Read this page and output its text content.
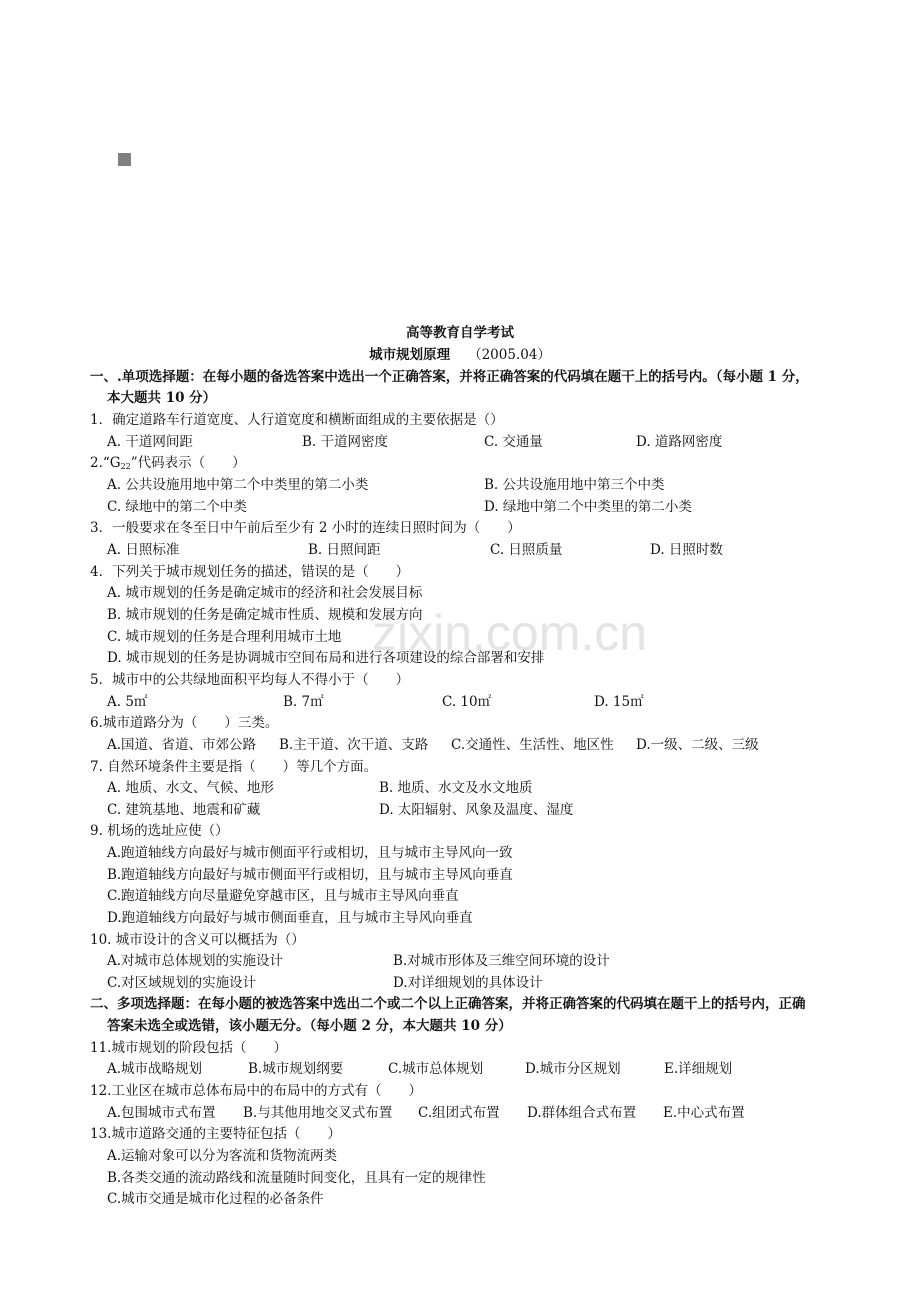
zixin.com.cn
高等教育自学考试
城市规划原理 （2005.04）
一、.单项选择题：在每小题的备选答案中选出一个正确答案，并将正确答案的代码填在题干上的括号内。（每小题 1 分，
本大题共 10 分）
1．确定道路车行道宽度、人行道宽度和横断面组成的主要依据是（）
A. 干道网间距	B. 干道网密度	C. 交通量	D. 道路网密度
$2.“G_{22}$”代码表示（　　）
A. 公共设施用地中第二个中类里的第二小类	B. 公共设施用地中第三个中类
C. 绿地中的第二个中类	D. 绿地中第二个中类里的第二小类
3．一般要求在冬至日中午前后至少有 2 小时的连续日照时间为（　　）
A. 日照标准	B. 日照间距	C. 日照质量	D. 日照时数
4．下列关于城市规划任务的描述，错误的是（　　）
A. 城市规划的任务是确定城市的经济和社会发展目标
B. 城市规划的任务是确定城市性质、规模和发展方向
C. 城市规划的任务是合理利用城市土地
D. 城市规划的任务是协调城市空间布局和进行各项建设的综合部署和安排
5．城市中的公共绿地面积平均每人不得小于（　　）
A. 5㎡	B. 7㎡	C. 10㎡	D. 15㎡
6.城市道路分为（　　）三类。
A.国道、省道、市郊公路 B.主干道、次干道、支路 C.交通性、生活性、地区性 D.一级、二级、三级
7. 自然环境条件主要是指（　　）等几个方面。
A. 地质、水文、气候、地形	B. 地质、水文及水文地质
C. 建筑基地、地震和矿藏	D. 太阳辐射、风象及温度、湿度
9. 机场的选址应使（）
A.跑道轴线方向最好与城市侧面平行或相切，且与城市主导风向一致
B.跑道轴线方向最好与城市侧面平行或相切，且与城市主导风向垂直
C.跑道轴线方向尽量避免穿越市区，且与城市主导风向垂直
D.跑道轴线方向最好与城市侧面垂直，且与城市主导风向垂直
10. 城市设计的含义可以概括为（）
A.对城市总体规划的实施设计	B.对城市形体及三维空间环境的设计
C.对区域规划的实施设计	D.对详细规划的具体设计
二、多项选择题：在每小题的被选答案中选出二个或二个以上正确答案，并将正确答案的代码填在题干上的括号内，正确
答案未选全或选错，该小题无分。（每小题 2 分，本大题共 10 分）
11.城市规划的阶段包括（　　）
A.城市战略规划	B.城市规划纲要	C.城市总体规划	D.城市分区规划	E.详细规划
12.工业区在城市总体布局中的布局中的方式有（　　）
A.包围城市式布置 B.与其他用地交叉式布置 C.组团式布置 D.群体组合式布置 E.中心式布置
13.城市道路交通的主要特征包括（　　）
A.运输对象可以分为客流和货物流两类
B.各类交通的流动路线和流量随时间变化，且具有一定的规律性
C.城市交通是城市化过程的必备条件
